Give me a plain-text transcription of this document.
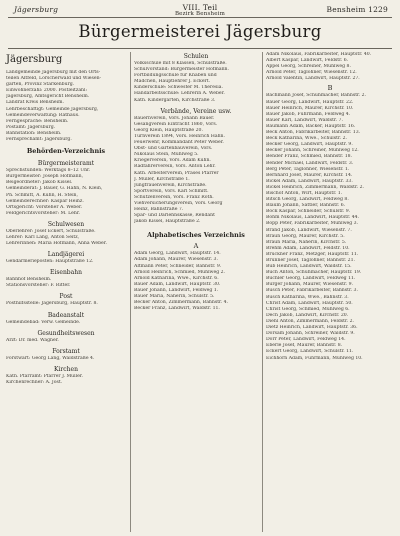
Jägersburg	VIII. Teil
Bezirk Bensheim	Bensheim 1229
Bürgermeisterei Jägersburg
Jägersburg
Landgemeinde Jägersburg mit den Orts-
teilen Altfeld, Lorscherwald und Wiesen-
gärten, Provinz Starkenburg.
Einwohnerzahl: 2000. Postleitzahl:
Jägersburg, Amtsgericht Bensheim.
Landrat Kreis Bensheim.
Lehrbeschäftigt: Gemeinde Jägersburg,
Gemeindeverwaltung: Rathaus.
Ferngespräche: Bensheim.
Postamt: Jägersburg.
Bahnstation: Bensheim.
Fernsprechamt: Jägersburg.
Behörden-Verzeichnis
Bürgermeisteramt
Sprechstunden: Werktags 8–12 Uhr.
Bürgermeister: Joseph Hofmann,
Beigeordneter: Jakob Kissel.
Gemeinderat: J. Bauer, G. Hahn, N. Klein,
Ph. Schmitt, A. Kuhn, H. Stein,
Gemeinderechner: Kaspar Heinz.
Ortsgericht: Vorsteher A. Weber.
Feldgerichtsvorsteher: M. Lehr.
Schulwesen
Oberlehrer: Josef Eckert, Schulstraße.
Lehrer: Karl Lang, Anton Seitz,
Lehrerinnen: Maria Hofmann, Anna Weber.
Landjägerei
Gendarmerieposten: Hauptstraße 12.
Eisenbahn
Bahnhof Bensheim.
Stationsvorsteher: F. Ritter.
Post
Posthilfsstelle: Jägersburg, Hauptstr. 8.
Badeanstalt
Gemeindebad: Verw. Gemeinde.
Gesundheitswesen
Arzt: Dr. med. Wagner.
Forstamt
Forstwart: Georg Lang, Waldstraße 4.
Kirchen
Kath. Pfarramt: Pfarrer J. Müller.
Kirchenrechner: A. Jost.
Schulen
Volksschule mit 8 Klassen, Schulstraße.
Schulvorstand: Bürgermeister Hofmann.
Fortbildungsschule für Knaben und
Mädchen, Hauptlehrer J. Eckert.
Kinderschule: Schwester M. Theresia.
Handarbeitsschule: Lehrerin A. Weber.
Kath. Kindergarten, Kirchstraße 3.
Verbände, Vereine usw.
Bauernverein, Vors. Johann Bauer.
Gesangverein Eintracht 1860, Vors.
Georg Klein, Hauptstraße 20.
Turnverein 1894, Vors. Heinrich Hahn.
Feuerwehr, Kommandant Peter Weber.
Obst- und Gartenbauverein, Vors.
Nikolaus Stein, Mühlweg 5.
Kriegerverein, Vors. Adam Kuhn.
Radfahrerverein, Vors. Anton Lehr.
Kath. Arbeiterverein, Präses Pfarrer
J. Müller, Kirchstraße 1.
Jungfrauenverein, Kirchstraße.
Sportverein, Vors. Karl Schmitt.
Schützenverein, Vors. Franz Roth.
Viehversicherungsverein, Vors. Georg
Heinz, Bahnstraße 7.
Spar- und Darlehnskasse, Rendant
Jakob Kissel, Hauptstraße 2.
Alphabetisches Verzeichnis
A
Adam Georg, Landwirt, Hauptstr. 14.
Adam Johann, Maurer, Wiesenstr. 3.
Altmann Peter, Schneider, Bahnstr. 9.
Arnold Heinrich, Schmied, Mühlweg 2.
Arnold Katharina, Wwe., Kirchstr. 6.
Bauer Adam, Landwirt, Hauptstr. 30.
Bauer Johann, Landwirt, Feldweg 1.
Bauer Maria, Näherin, Schulstr. 5.
Becker Anton, Zimmermann, Bahnstr. 4.
Becker Franz, Landwirt, Waldstr. 11.
Adam Nikolaus, Fabrikarbeiter, Hauptstr. 40.
Albert Kaspar, Landwirt, Feldstr. 6.
Appel Georg, Schreiner, Mühlweg 8.
Arnold Peter, Taglöhner, Wiesenstr. 12.
Arnold Valentin, Landwirt, Hauptstr. 27.
B
Bachmann Josef, Schuhmacher, Bahnstr. 2.
Bauer Georg, Landwirt, Hauptstr. 22.
Bauer Heinrich, Maurer, Kirchstr. 10.
Bauer Jakob, Fuhrmann, Feldweg 4.
Bauer Karl, Landwirt, Waldstr. 7.
Baumann Adam, Bäcker, Hauptstr. 16.
Beck Anton, Fabrikarbeiter, Bahnstr. 13.
Beck Katharina, Wwe., Schulstr. 2.
Becker Georg, Landwirt, Hauptstr. 9.
Becker Johann, Schreiner, Mühlweg 12.
Bender Franz, Schmied, Bahnstr. 18.
Bender Michael, Landwirt, Feldstr. 3.
Berg Peter, Taglöhner, Wiesenstr. 1.
Bernhard Josef, Maurer, Kirchstr. 14.
Bickel Adam, Landwirt, Hauptstr. 33.
Bickel Heinrich, Zimmermann, Waldstr. 2.
Bischof Anton, Wirt, Hauptstr. 1.
Bitsch Georg, Landwirt, Feldweg 8.
Blaum Johann, Sattler, Bahnstr. 6.
Bock Kaspar, Schneider, Schulstr. 9.
Böhm Nikolaus, Landwirt, Hauptstr. 44.
Bopp Peter, Fabrikarbeiter, Mühlweg 3.
Brand Jakob, Landwirt, Wiesenstr. 7.
Braun Georg, Maurer, Kirchstr. 5.
Braun Maria, Näherin, Kirchstr. 5.
Brehm Adam, Landwirt, Feldstr. 10.
Brückner Franz, Metzger, Hauptstr. 11.
Brunner Josef, Taglöhner, Bahnstr. 21.
Bub Heinrich, Landwirt, Waldstr. 15.
Buch Anton, Schuhmacher, Hauptstr. 19.
Büchler Georg, Landwirt, Feldweg 11.
Burger Johann, Maurer, Wiesenstr. 9.
Busch Peter, Fabrikarbeiter, Bahnstr. 3.
Busch Katharina, Wwe., Bahnstr. 3.
Christ Adam, Landwirt, Hauptstr. 50.
Christ Georg, Schmied, Mühlweg 6.
Dech Jakob, Landwirt, Kirchstr. 20.
Diehl Anton, Zimmermann, Feldstr. 2.
Dietz Heinrich, Landwirt, Hauptstr. 36.
Dörsam Johann, Schreiner, Waldstr. 9.
Dörr Peter, Landwirt, Feldweg 14.
Eberle Josef, Maurer, Bahnstr. 8.
Eckert Georg, Landwirt, Schulstr. 11.
Eichhorn Adam, Fuhrmann, Mühlweg 10.
